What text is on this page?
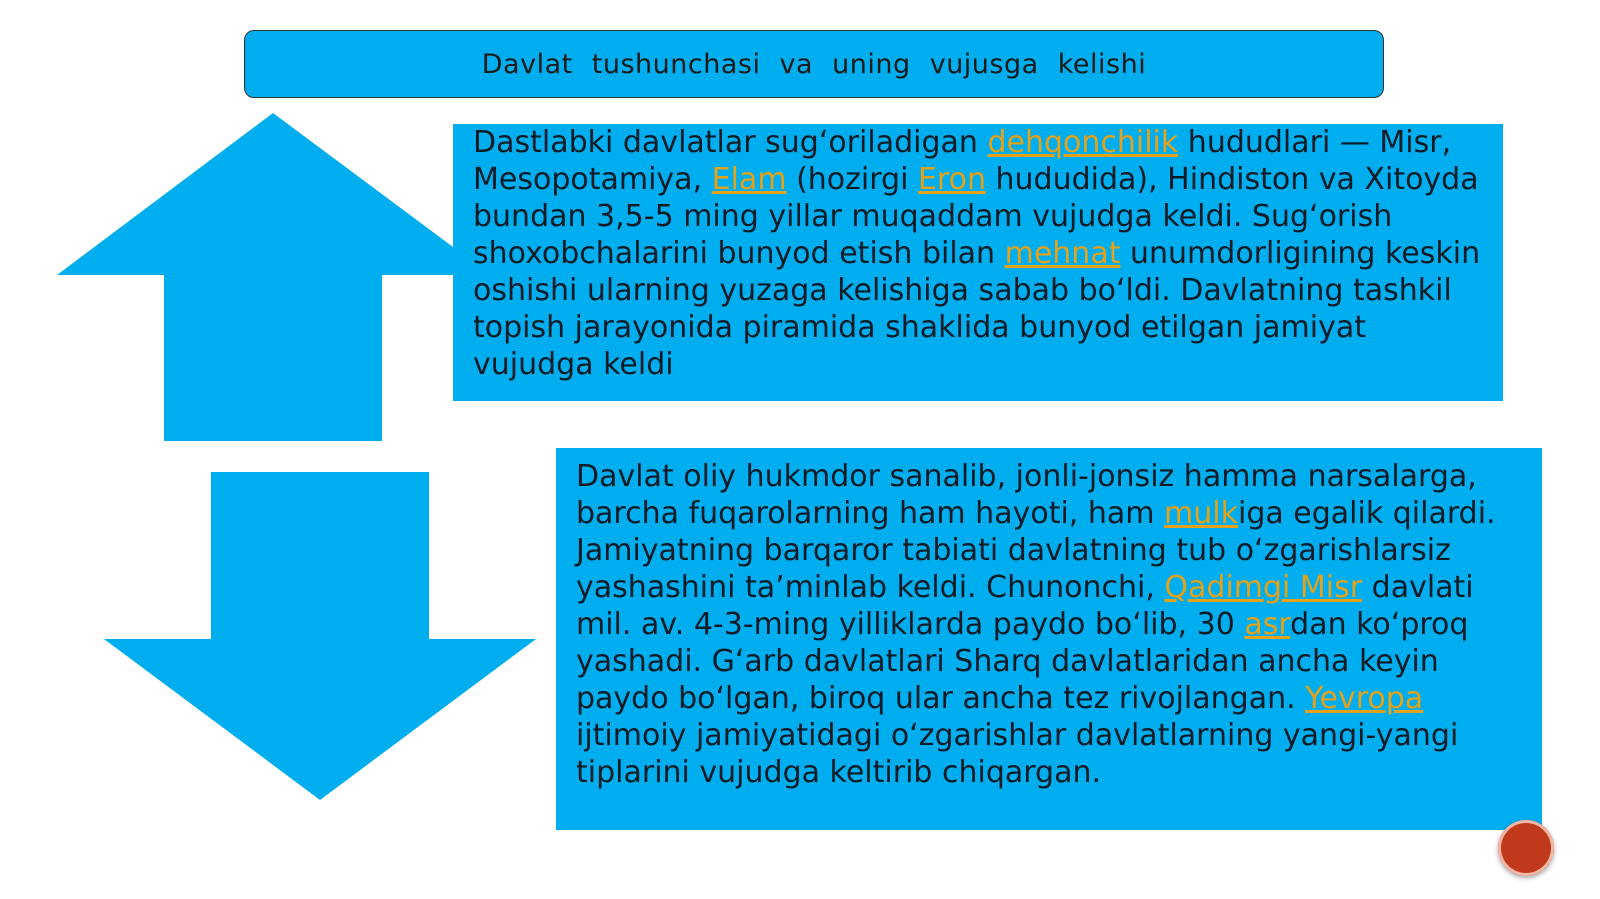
Davlat tushunchasi va uning vujusga kelishi
Dastlabki davlatlar sug‘oriladigan dehqonchilik hududlari — Misr, Mesopotamiya, Elam (hozirgi Eron hududida), Hindiston va Xitoyda bundan 3,5-5 ming yillar muqaddam vujudga keldi. Sug‘orish shoxobchalarini bunyod etish bilan mehnat unumdorligining keskin oshishi ularning yuzaga kelishiga sabab bo‘ldi. Davlatning tashkil topish jarayonida piramida shaklida bunyod etilgan jamiyat vujudga keldi
Davlat oliy hukmdor sanalib, jonli-jonsiz hamma narsalarga, barcha fuqarolarning ham hayoti, ham mulkiga egalik qilardi. Jamiyatning barqaror tabiati davlatning tub o‘zgarishlarsiz yashashini ta’minlab keldi. Chunonchi, Qadimgi Misr davlati mil. av. 4-3-ming yilliklarda paydo bo‘lib, 30 asrdan ko‘proq yashadi. G‘arb davlatlari Sharq davlatlaridan ancha keyin paydo bo‘lgan, biroq ular ancha tez rivojlangan. Yevropa ijtimoiy jamiyatidagi o‘zgarishlar davlatlarning yangi-yangi tiplarini vujudga keltirib chiqargan.
